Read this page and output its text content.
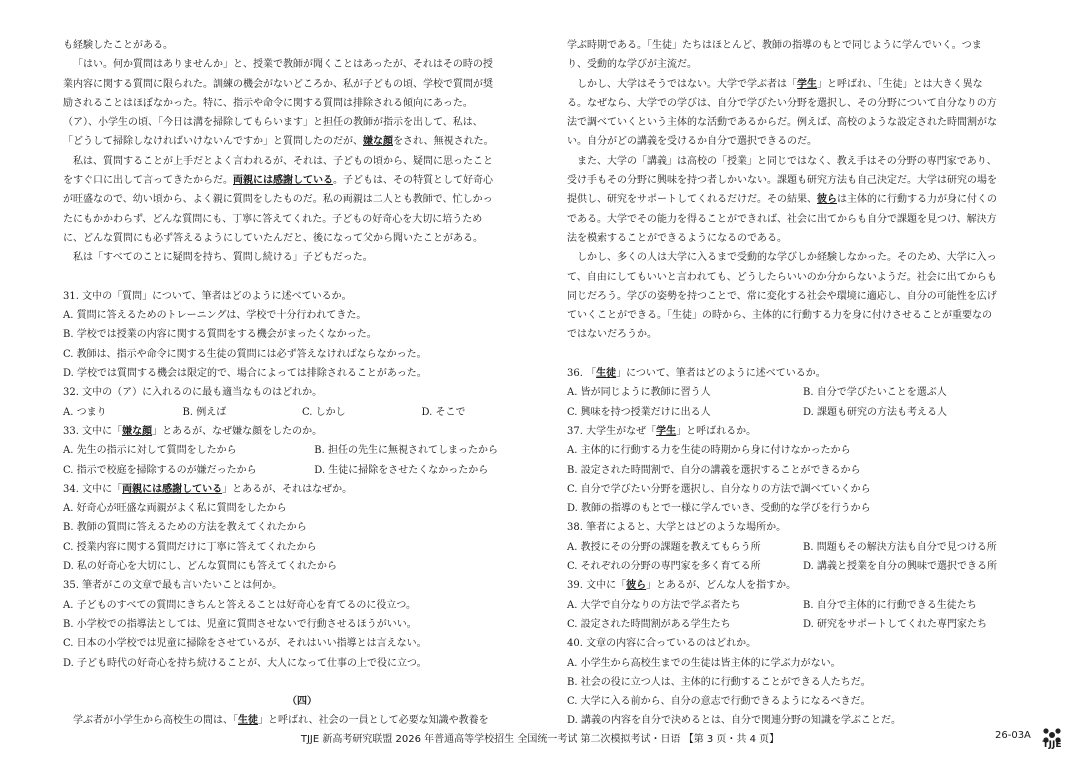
も経験したことがある。

「はい。何か質問はありませんか」と、授業で教師が聞くことはあったが、それはその時の授

業内容に関する質問に限られた。訓練の機会がないどころか、私が子どもの頃、学校で質問が奨

励されることはほぼなかった。特に、指示や命令に関する質問は排除される傾向にあった。

（ア）、小学生の頃、「今日は溝を掃除してもらいます」と担任の教師が指示を出して、私は、

「どうして掃除しなければいけないんですか」と質問したのだが、嫌な顔をされ、無視された。

私は、質問することが上手だとよく言われるが、それは、子どもの頃から、疑問に思ったこと

をすぐ口に出して言ってきたからだ。両親には感謝している。子どもは、その特質として好奇心

が旺盛なので、幼い頃から、よく親に質問をしたものだ。私の両親は二人とも教師で、忙しかっ

たにもかかわらず、どんな質問にも、丁寧に答えてくれた。子どもの好奇心を大切に培うため

に、どんな質問にも必ず答えるようにしていたんだと、後になって父から聞いたことがある。

私は「すべてのことに疑問を持ち、質問し続ける」子どもだった。

31. 文中の「質問」について、筆者はどのように述べているか。

A. 質問に答えるためのトレーニングは、学校で十分行われてきた。

B. 学校では授業の内容に関する質問をする機会がまったくなかった。

C. 教師は、指示や命令に関する生徒の質問には必ず答えなければならなかった。

D. 学校では質問する機会は限定的で、場合によっては排除されることがあった。

32. 文中の（ア）に入れるのに最も適当なものはどれか。

A. つまり	B. 例えば	C. しかし	D. そこで

33. 文中に「嫌な顔」とあるが、なぜ嫌な顔をしたのか。

A. 先生の指示に対して質問をしたから	B. 担任の先生に無視されてしまったから
C. 指示で校庭を掃除するのが嫌だったから	D. 生徒に掃除をさせたくなかったから

34. 文中に「両親には感謝している」とあるが、それはなぜか。

A. 好奇心が旺盛な両親がよく私に質問をしたから

B. 教師の質問に答えるための方法を教えてくれたから

C. 授業内容に関する質問だけに丁寧に答えてくれたから

D. 私の好奇心を大切にし、どんな質問にも答えてくれたから

35. 筆者がこの文章で最も言いたいことは何か。

A. 子どものすべての質問にきちんと答えることは好奇心を育てるのに役立つ。

B. 小学校での指導法としては、児童に質問させないで行動させるほうがいい。

C. 日本の小学校では児童に掃除をさせているが、それはいい指導とは言えない。

D. 子ども時代の好奇心を持ち続けることが、大人になって仕事の上で役に立つ。

（四）

学ぶ者が小学生から高校生の間は、「生徒」と呼ばれ、社会の一員として必要な知識や教養を

学ぶ時期である。「生徒」たちはほとんど、教師の指導のもとで同じように学んでいく。つま

り、受動的な学びが主流だ。

しかし、大学はそうではない。大学で学ぶ者は「学生」と呼ばれ、「生徒」とは大きく異な

る。なぜなら、大学での学びは、自分で学びたい分野を選択し、その分野について自分なりの方

法で調べていくという主体的な活動であるからだ。例えば、高校のような設定された時間割がな

い。自分がどの講義を受けるか自分で選択できるのだ。

また、大学の「講義」は高校の「授業」と同じではなく、教え手はその分野の専門家であり、

受け手もその分野に興味を持つ者しかいない。課題も研究方法も自己決定だ。大学は研究の場を

提供し、研究をサポートしてくれるだけだ。その結果、彼らは主体的に行動する力が身に付くの

である。大学でその能力を得ることができれば、社会に出てからも自分で課題を見つけ、解決方

法を模索することができるようになるのである。

しかし、多くの人は大学に入るまで受動的な学びしか経験しなかった。そのため、大学に入っ

て、自由にしてもいいと言われても、どうしたらいいのか分からないようだ。社会に出てからも

同じだろう。学びの姿勢を持つことで、常に変化する社会や環境に適応し、自分の可能性を広げ

ていくことができる。「生徒」の時から、主体的に行動する力を身に付けさせることが重要なの

ではないだろうか。

36. 「生徒」について、筆者はどのように述べているか。

A. 皆が同じように教師に習う人	B. 自分で学びたいことを選ぶ人
C. 興味を持つ授業だけに出る人	D. 課題も研究の方法も考える人

37. 大学生がなぜ「学生」と呼ばれるか。

A. 主体的に行動する力を生徒の時期から身に付けなかったから

B. 設定された時間割で、自分の講義を選択することができるから

C. 自分で学びたい分野を選択し、自分なりの方法で調べていくから

D. 教師の指導のもとで一様に学んでいき、受動的な学びを行うから

38. 筆者によると、大学とはどのような場所か。

A. 教授にその分野の課題を教えてもらう所	B. 問題もその解決方法も自分で見つける所
C. それぞれの分野の専門家を多く育てる所	D. 講義と授業を自分の興味で選択できる所

39. 文中に「彼ら」とあるが、どんな人を指すか。

A. 大学で自分なりの方法で学ぶ者たち	B. 自分で主体的に行動できる生徒たち
C. 設定された時間割がある学生たち	D. 研究をサポートしてくれた専門家たち

40. 文章の内容に合っているのはどれか。

A. 小学生から高校生までの生徒は皆主体的に学ぶ力がない。

B. 社会の役に立つ人は、主体的に行動することができる人たちだ。

C. 大学に入る前から、自分の意志で行動できるようになるべきだ。

D. 講義の内容を自分で決めるとは、自分で関連分野の知識を学ぶことだ。

TJJE 新高考研究联盟 2026 年普通高等学校招生 全国统一考试 第二次模拟考试・日语 【第 3 页・共 4 页】	26-03A
TJJE
